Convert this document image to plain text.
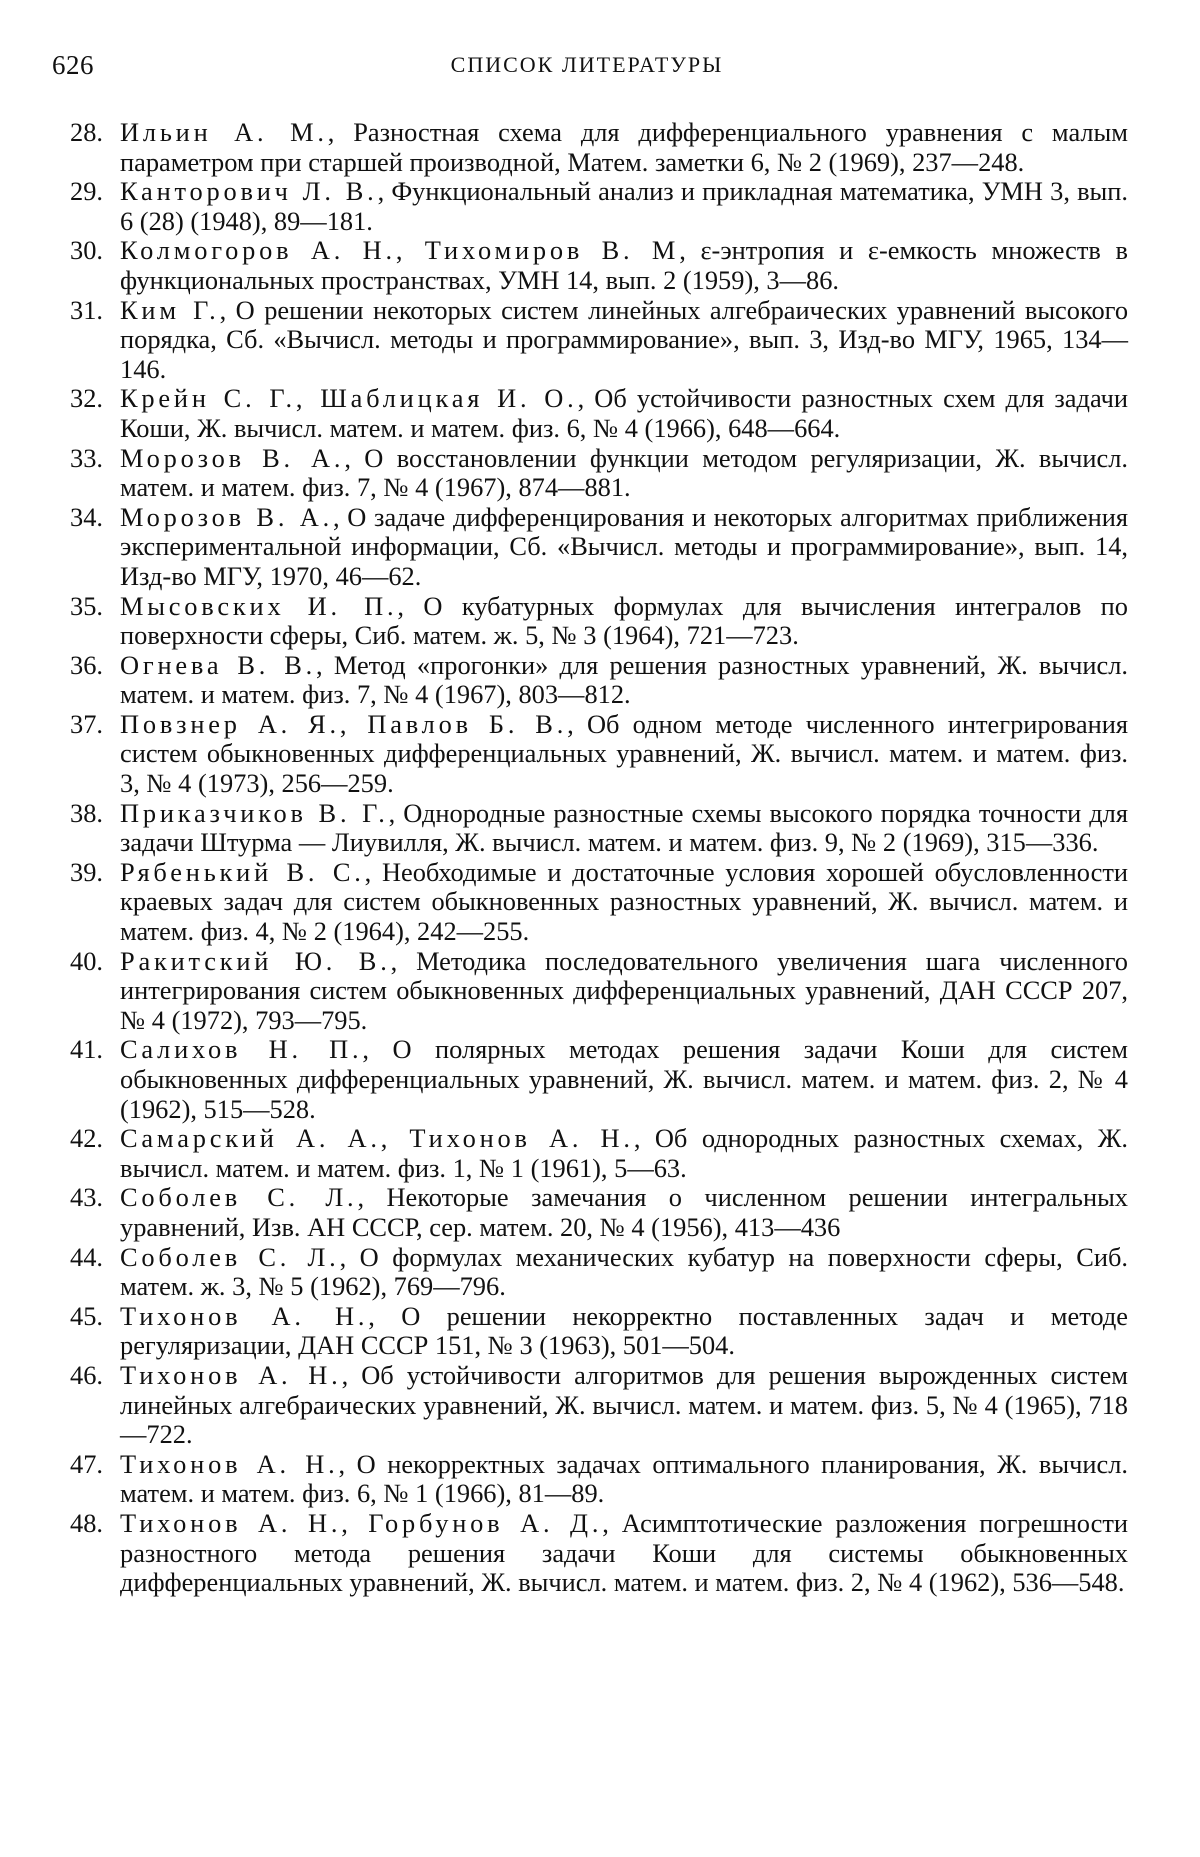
626	СПИСОК ЛИТЕРАТУРЫ
28. Ильин А. М., Разностная схема для дифференциального уравнения с малым параметром при старшей производной, Матем. заметки 6, № 2 (1969), 237—248.
29. Канторович Л. В., Функциональный анализ и прикладная математика, УМН 3, вып. 6 (28) (1948), 89—181.
30. Колмогоров А. Н., Тихомиров В. М, ε-энтропия и ε-емкость множеств в функциональных пространствах, УМН 14, вып. 2 (1959), 3—86.
31. Ким Г., О решении некоторых систем линейных алгебраических уравнений высокого порядка, Сб. «Вычисл. методы и программирование», вып. 3, Изд-во МГУ, 1965, 134—146.
32. Крейн С. Г., Шаблицкая И. О., Об устойчивости разностных схем для задачи Коши, Ж. вычисл. матем. и матем. физ. 6, № 4 (1966), 648—664.
33. Морозов В. А., О восстановлении функции методом регуляризации, Ж. вычисл. матем. и матем. физ. 7, № 4 (1967), 874—881.
34. Морозов В. А., О задаче дифференцирования и некоторых алгоритмах приближения экспериментальной информации, Сб. «Вычисл. методы и программирование», вып. 14, Изд-во МГУ, 1970, 46—62.
35. Мысовских И. П., О кубатурных формулах для вычисления интегралов по поверхности сферы, Сиб. матем. ж. 5, № 3 (1964), 721—723.
36. Огнева В. В., Метод «прогонки» для решения разностных уравнений, Ж. вычисл. матем. и матем. физ. 7, № 4 (1967), 803—812.
37. Повзнер А. Я., Павлов Б. В., Об одном методе численного интегрирования систем обыкновенных дифференциальных уравнений, Ж. вычисл. матем. и матем. физ. 3, № 4 (1973), 256—259.
38. Приказчиков В. Г., Однородные разностные схемы высокого порядка точности для задачи Штурма — Лиувилля, Ж. вычисл. матем. и матем. физ. 9, № 2 (1969), 315—336.
39. Рябенький В. С., Необходимые и достаточные условия хорошей обусловленности краевых задач для систем обыкновенных разностных уравнений, Ж. вычисл. матем. и матем. физ. 4, № 2 (1964), 242—255.
40. Ракитский Ю. В., Методика последовательного увеличения шага численного интегрирования систем обыкновенных дифференциальных уравнений, ДАН СССР 207, № 4 (1972), 793—795.
41. Салихов Н. П., О полярных методах решения задачи Коши для систем обыкновенных дифференциальных уравнений, Ж. вычисл. матем. и матем. физ. 2, № 4 (1962), 515—528.
42. Самарский А. А., Тихонов А. Н., Об однородных разностных схемах, Ж. вычисл. матем. и матем. физ. 1, № 1 (1961), 5—63.
43. Соболев С. Л., Некоторые замечания о численном решении интегральных уравнений, Изв. АН СССР, сер. матем. 20, № 4 (1956), 413—436
44. Соболев С. Л., О формулах механических кубатур на поверхности сферы, Сиб. матем. ж. 3, № 5 (1962), 769—796.
45. Тихонов А. Н., О решении некорректно поставленных задач и методе регуляризации, ДАН СССР 151, № 3 (1963), 501—504.
46. Тихонов А. Н., Об устойчивости алгоритмов для решения вырожденных систем линейных алгебраических уравнений, Ж. вычисл. матем. и матем. физ. 5, № 4 (1965), 718—722.
47. Тихонов А. Н., О некорректных задачах оптимального планирования, Ж. вычисл. матем. и матем. физ. 6, № 1 (1966), 81—89.
48. Тихонов А. Н., Горбунов А. Д., Асимптотические разложения погрешности разностного метода решения задачи Коши для системы обыкновенных дифференциальных уравнений, Ж. вычисл. матем. и матем. физ. 2, № 4 (1962), 536—548.
